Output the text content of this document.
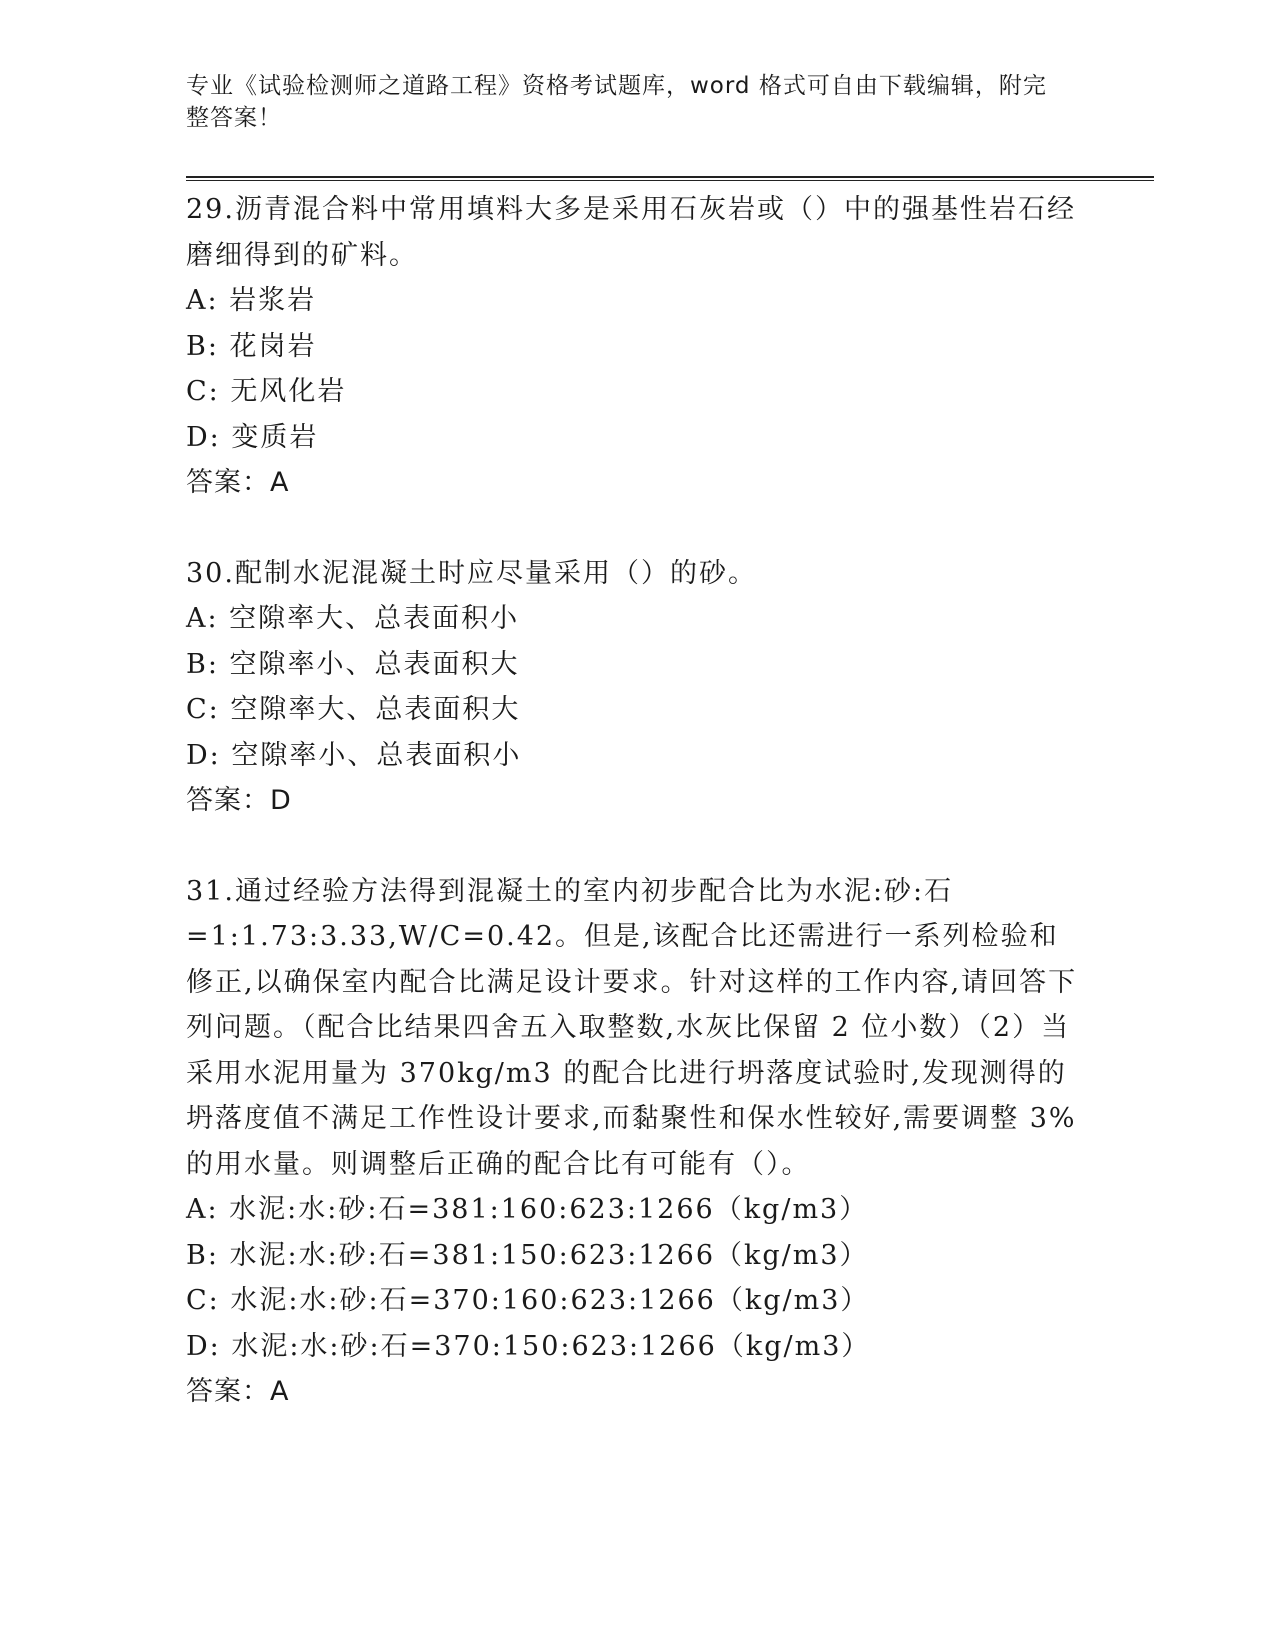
专业《试验检测师之道路工程》资格考试题库，word 格式可自由下载编辑，附完整答案！
29.沥青混合料中常用填料大多是采用石灰岩或（）中的强基性岩石经磨细得到的矿料。
A: 岩浆岩
B: 花岗岩
C: 无风化岩
D: 变质岩
答案：A
30.配制水泥混凝土时应尽量采用（）的砂。
A: 空隙率大、总表面积小
B: 空隙率小、总表面积大
C: 空隙率大、总表面积大
D: 空隙率小、总表面积小
答案：D
31.通过经验方法得到混凝土的室内初步配合比为水泥:砂:石=1:1.73:3.33,W/C=0.42。但是,该配合比还需进行一系列检验和修正,以确保室内配合比满足设计要求。针对这样的工作内容,请回答下列问题。（配合比结果四舍五入取整数,水灰比保留 2 位小数）（2）当采用水泥用量为 370kg/m3 的配合比进行坍落度试验时,发现测得的坍落度值不满足工作性设计要求,而黏聚性和保水性较好,需要调整 3%的用水量。则调整后正确的配合比有可能有（）。
A: 水泥:水:砂:石=381:160:623:1266（kg/m3）
B: 水泥:水:砂:石=381:150:623:1266（kg/m3）
C: 水泥:水:砂:石=370:160:623:1266（kg/m3）
D: 水泥:水:砂:石=370:150:623:1266（kg/m3）
答案：A
